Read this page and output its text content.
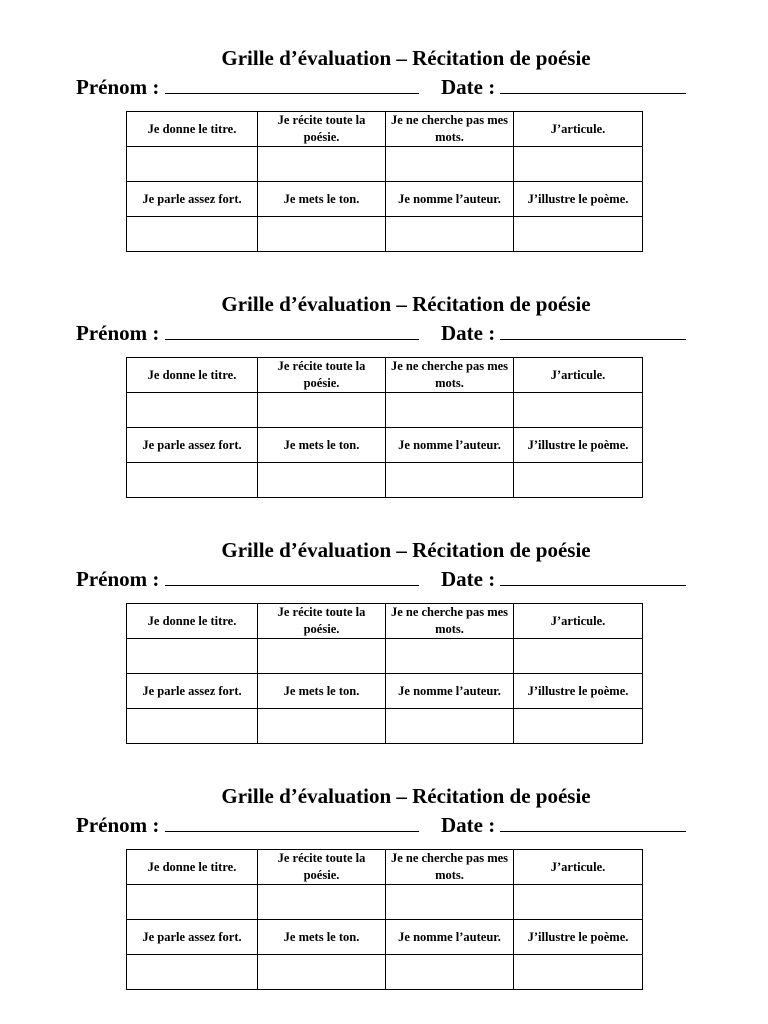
Grille d’évaluation – Récitation de poésie
Prénom :	Date :
Je donne le titre.	Je récite toute la poésie.	Je ne cherche pas mes mots.	J’articule.

Je parle assez fort.	Je mets le ton.	Je nomme l’auteur.	J’illustre le poème.

Grille d’évaluation – Récitation de poésie
Prénom :	Date :
Je donne le titre.	Je récite toute la poésie.	Je ne cherche pas mes mots.	J’articule.

Je parle assez fort.	Je mets le ton.	Je nomme l’auteur.	J’illustre le poème.

Grille d’évaluation – Récitation de poésie
Prénom :	Date :
Je donne le titre.	Je récite toute la poésie.	Je ne cherche pas mes mots.	J’articule.

Je parle assez fort.	Je mets le ton.	Je nomme l’auteur.	J’illustre le poème.

Grille d’évaluation – Récitation de poésie
Prénom :	Date :
Je donne le titre.	Je récite toute la poésie.	Je ne cherche pas mes mots.	J’articule.

Je parle assez fort.	Je mets le ton.	Je nomme l’auteur.	J’illustre le poème.
